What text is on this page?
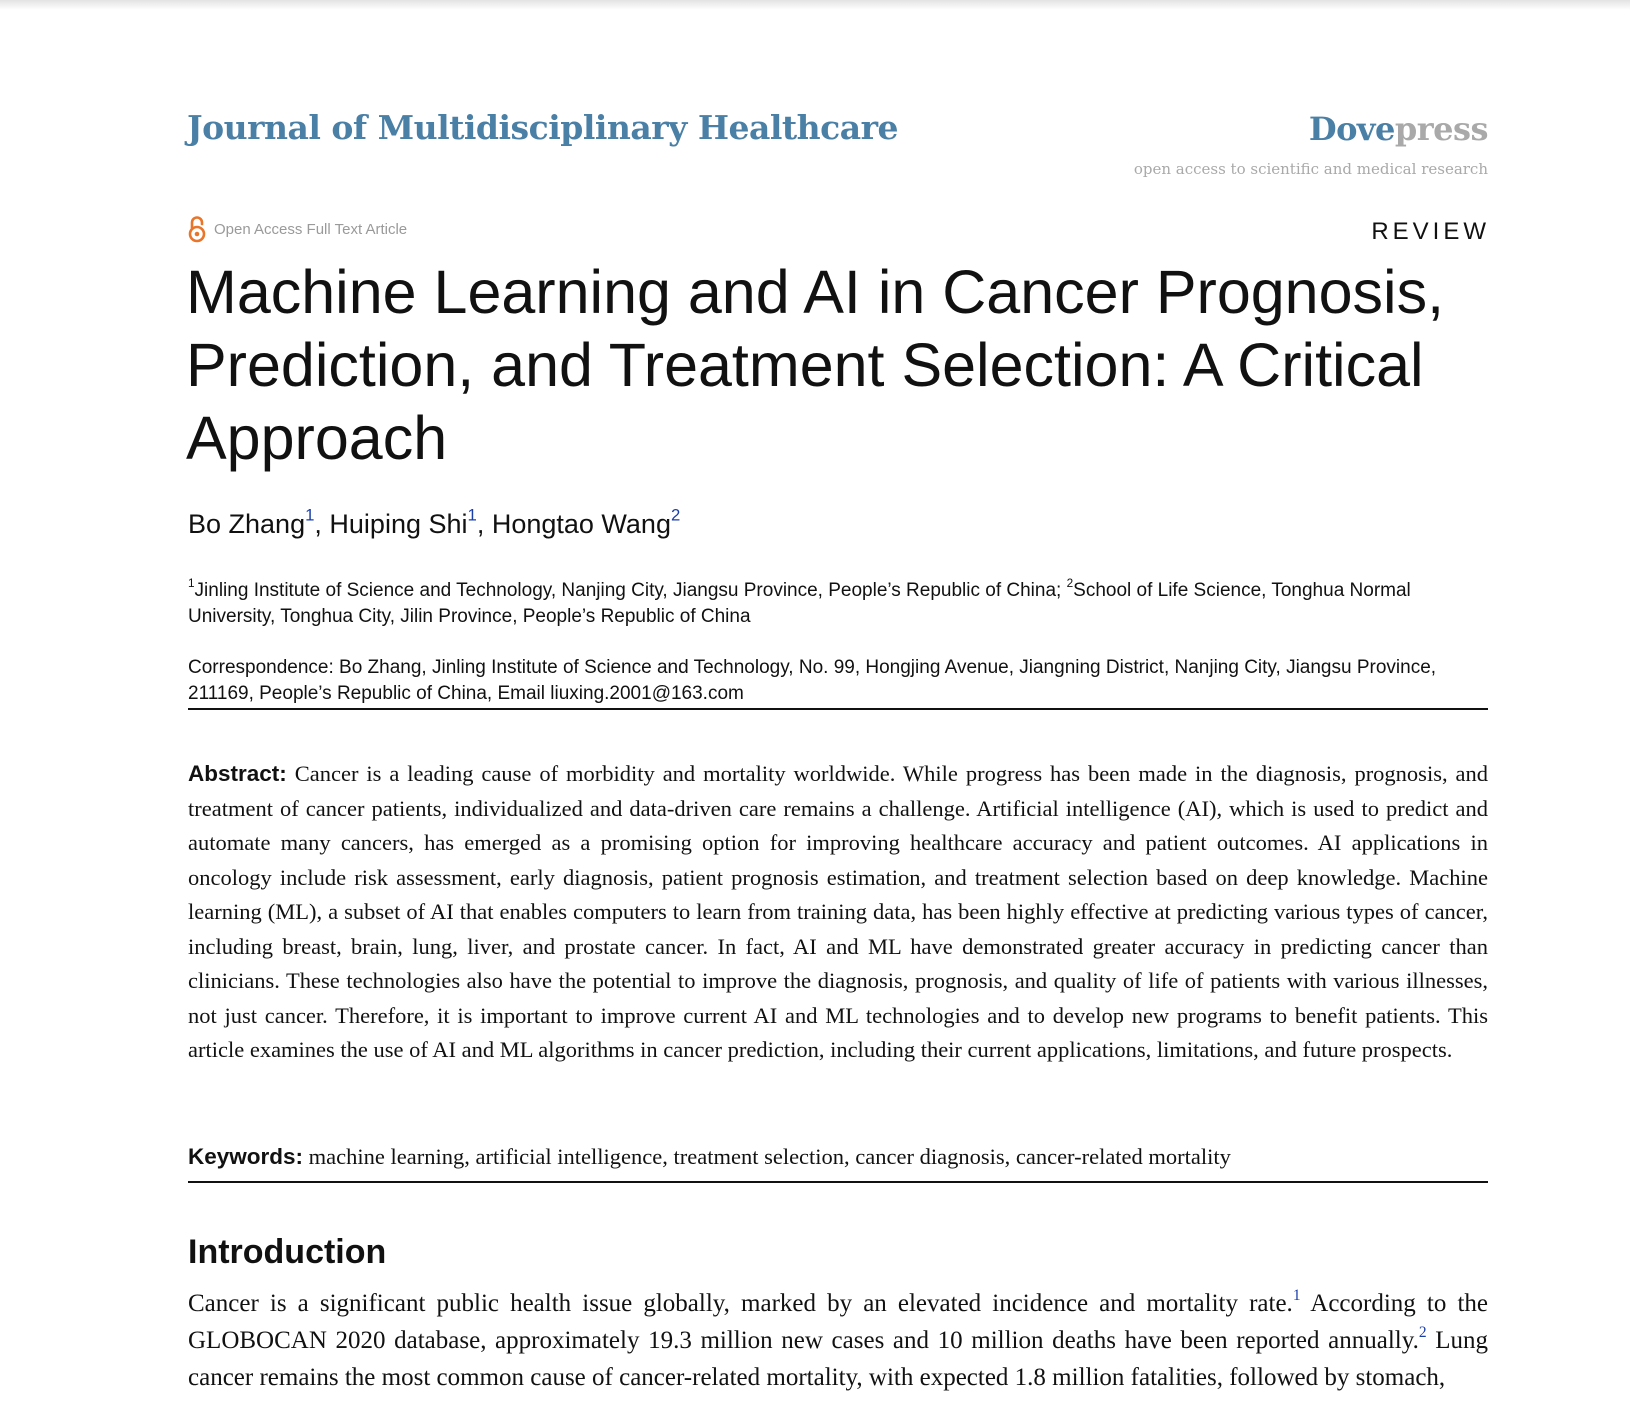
Journal of Multidisciplinary Healthcare	Dovepress
open access to scientific and medical research
Open Access Full Text Article	REVIEW
Machine Learning and AI in Cancer Prognosis, Prediction, and Treatment Selection: A Critical Approach
Bo Zhang$^1$, Huiping Shi$^1$, Hongtao Wang$^2$
$^1$Jinling Institute of Science and Technology, Nanjing City, Jiangsu Province, People’s Republic of China; $^2$School of Life Science, Tonghua Normal University, Tonghua City, Jilin Province, People’s Republic of China

Correspondence: Bo Zhang, Jinling Institute of Science and Technology, No. 99, Hongjing Avenue, Jiangning District, Nanjing City, Jiangsu Province, 211169, People’s Republic of China, Email liuxing.2001@163.com

Abstract: Cancer is a leading cause of morbidity and mortality worldwide. While progress has been made in the diagnosis, prognosis, and treatment of cancer patients, individualized and data-driven care remains a challenge. Artificial intelligence (AI), which is used to predict and automate many cancers, has emerged as a promising option for improving healthcare accuracy and patient outcomes. AI applications in oncology include risk assessment, early diagnosis, patient prognosis estimation, and treatment selection based on deep knowledge. Machine learning (ML), a subset of AI that enables computers to learn from training data, has been highly effective at predicting various types of cancer, including breast, brain, lung, liver, and prostate cancer. In fact, AI and ML have demonstrated greater accuracy in predicting cancer than clinicians. These technologies also have the potential to improve the diagnosis, prognosis, and quality of life of patients with various illnesses, not just cancer. Therefore, it is important to improve current AI and ML technologies and to develop new programs to benefit patients. This article examines the use of AI and ML algorithms in cancer prediction, including their current applications, limitations, and future prospects.

Keywords: machine learning, artificial intelligence, treatment selection, cancer diagnosis, cancer-related mortality

Introduction

Cancer is a significant public health issue globally, marked by an elevated incidence and mortality rate.$^1$ According to the GLOBOCAN 2020 database, approximately 19.3 million new cases and 10 million deaths have been reported annually.$^2$ Lung cancer remains the most common cause of cancer-related mortality, with expected 1.8 million fatalities, followed by stomach,
